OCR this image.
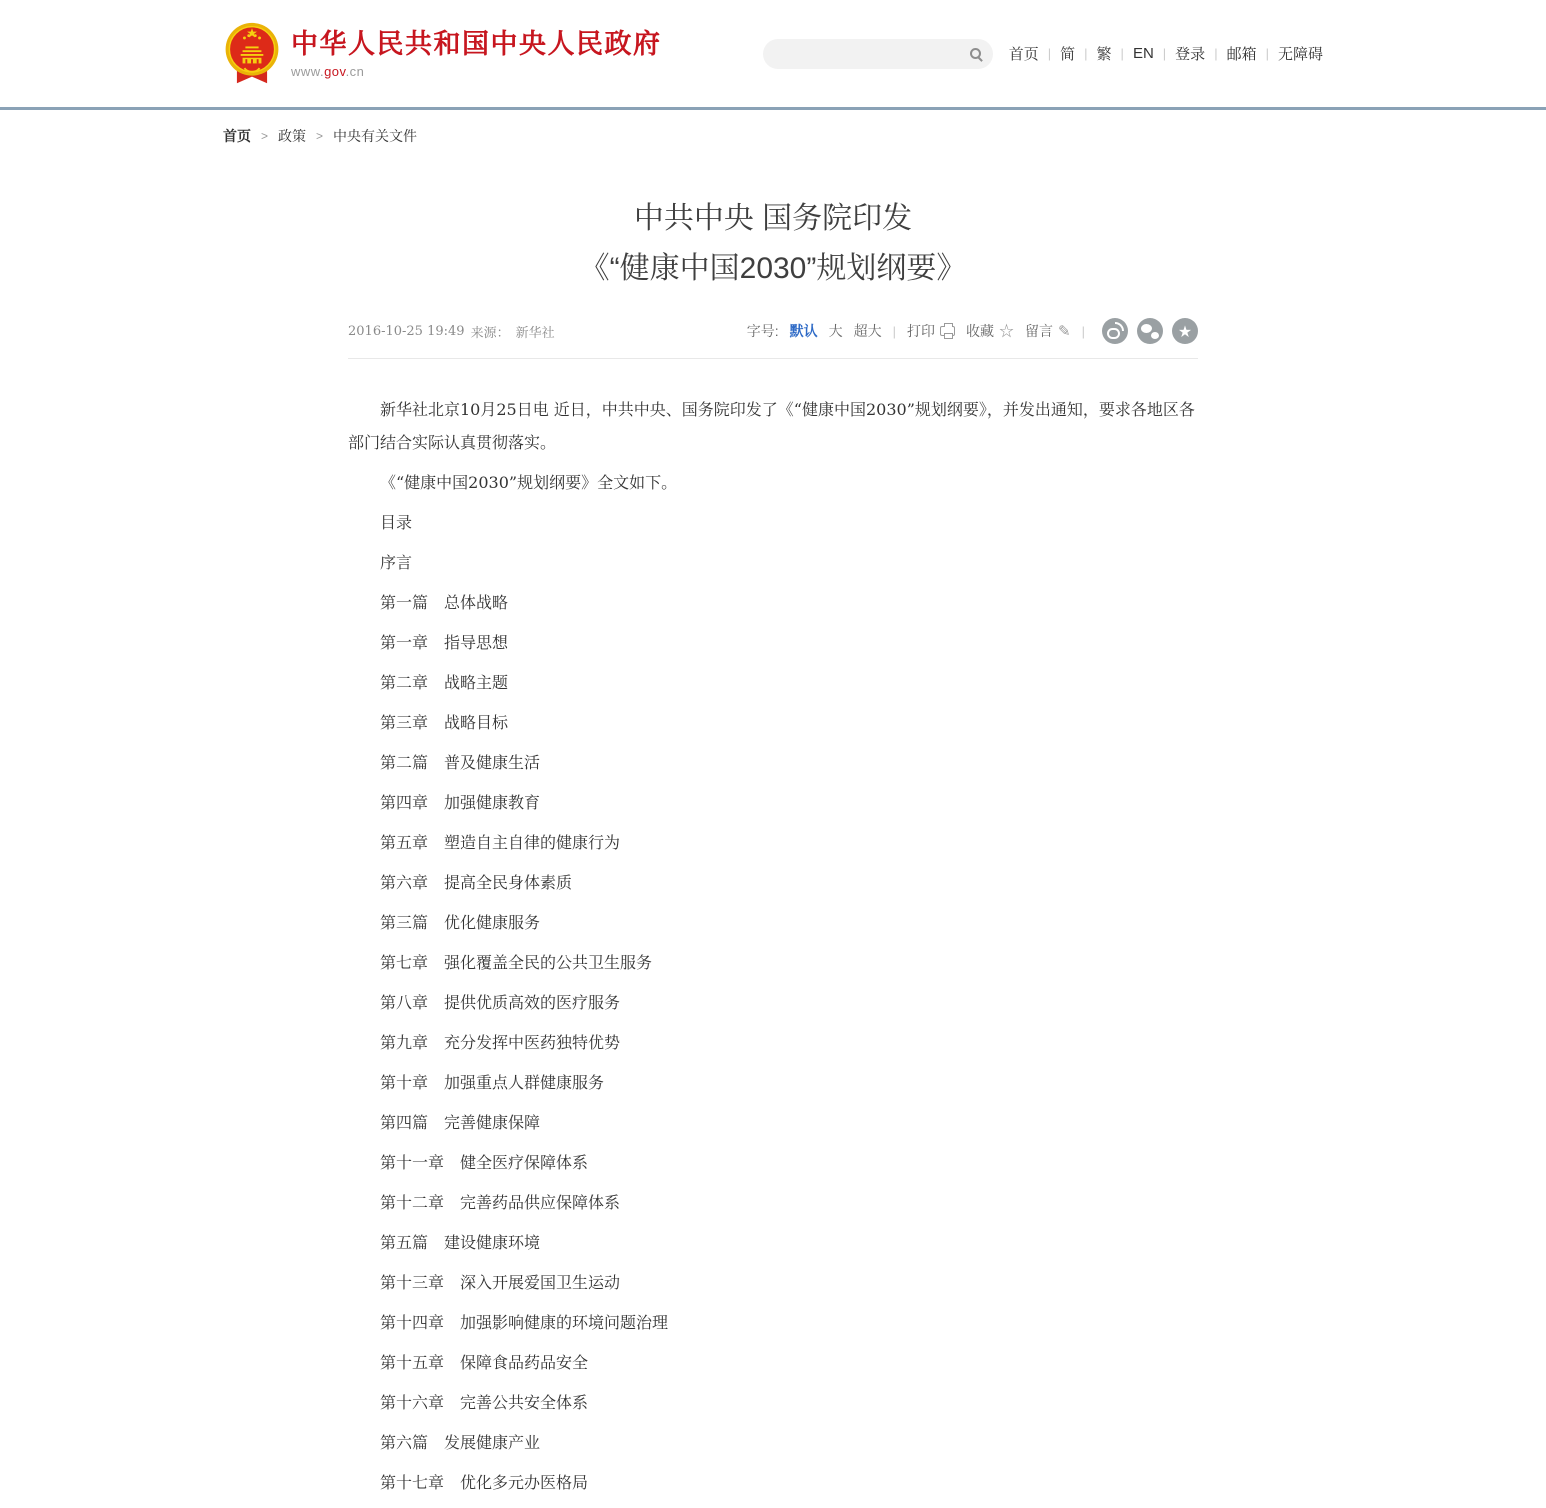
中华人民共和国中央人民政府
www.gov.cn
首页 | 简 | 繁 | EN | 登录 | 邮箱 | 无障碍
首页 > 政策 > 中央有关文件
中共中央 国务院印发
《“健康中国2030”规划纲要》
2016-10-25 19:49 来源： 新华社	字号: 默认 大 超大 | 打印 收藏 ☆ 留言 ✎ |
★

新华社北京10月25日电 近日，中共中央、国务院印发了《“健康中国2030”规划纲要》，并发出通知，要求各地区各部门结合实际认真贯彻落实。

《“健康中国2030”规划纲要》全文如下。

目录

序言

第一篇　总体战略

第一章　指导思想

第二章　战略主题

第三章　战略目标

第二篇　普及健康生活

第四章　加强健康教育

第五章　塑造自主自律的健康行为

第六章　提高全民身体素质

第三篇　优化健康服务

第七章　强化覆盖全民的公共卫生服务

第八章　提供优质高效的医疗服务

第九章　充分发挥中医药独特优势

第十章　加强重点人群健康服务

第四篇　完善健康保障

第十一章　健全医疗保障体系

第十二章　完善药品供应保障体系

第五篇　建设健康环境

第十三章　深入开展爱国卫生运动

第十四章　加强影响健康的环境问题治理

第十五章　保障食品药品安全

第十六章　完善公共安全体系

第六篇　发展健康产业

第十七章　优化多元办医格局
